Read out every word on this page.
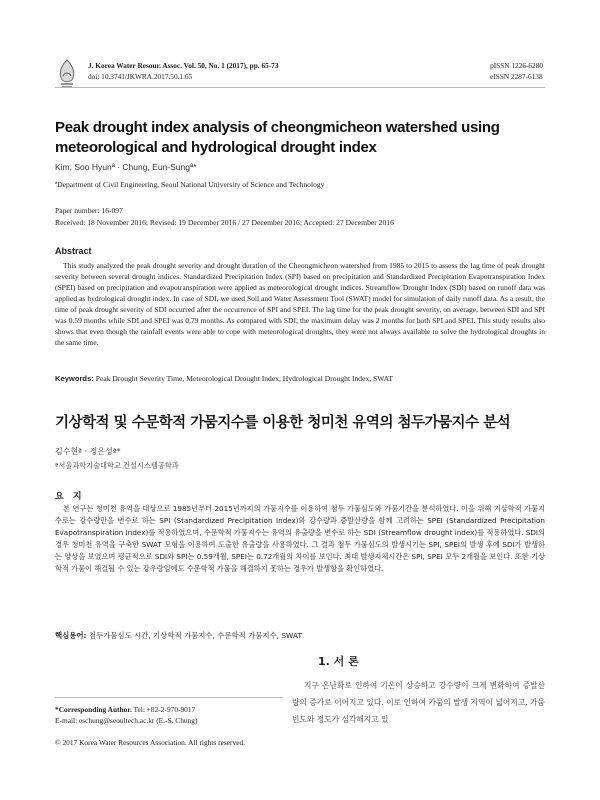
J. Korea Water Resour. Assoc. Vol. 50, No. 1 (2017), pp. 65-73
doi: 10.3741/JKWRA.2017.50.1.65
pISSN 1226-6280
eISSN 2287-6138
Peak drought index analysis of cheongmicheon watershed using meteorological and hydrological drought index
Kim, Soo Hyunª · Chung, Eun-Sungª*
ªDepartment of Civil Engineering, Seoul National University of Science and Technology
Paper number: 16-097
Received: 18 November 2016; Revised: 19 December 2016 / 27 December 2016; Accepted: 27 December 2016
Abstract
This study analyzed the peak drought severity and drought duration of the Cheongmicheon watershed from 1985 to 2015 to assess the lag time of peak drought severity between several drought indices. Standardized Precipitation Index (SPI) based on precipitation and Standardized Precipitation Evapotranspiration Index (SPEI) based on precipitation and evapotranspiration were applied as meteorological drought indices. Streamflow Drought Index (SDI) based on runoff data was applied as hydrological drought index. In case of SDI, we used Soil and Water Assessment Tool (SWAT) model for simulation of daily runoff data. As a result, the time of peak drought severity of SDI occurred after the occurrence of SPI and SPEI. The lag time for the peak drought severity, on average, between SDI and SPI was 0.59 months while SDI and SPEI was 0.79 months. As compared with SDI, the maximum delay was 2 months for both SPI and SPEI. This study results also shows that even though the rainfall events were able to cope with meteorological droughts, they were not always available to solve the hydrological droughts in the same time.
Keywords: Peak Drought Severity Time, Meteorological Drought Index, Hydrological Drought Index, SWAT
기상학적 및 수문학적 가뭄지수를 이용한 청미천 유역의 첨두가뭄지수 분석
김수현ª · 정은성ª*
ª서울과학기술대학교 건설시스템공학과
요 지
본 연구는 청미천 유역을 대상으로 1985년부터 2015년까지의 가뭄지수를 이용하여 첨두 가뭄심도와 가뭄기간을 분석하였다. 이을 위해 기상학적 가뭄지수로는 강수량만을 변수로 하는 SPI (Standardized Precipitation Index)와 강수량과 증발산량을 함께 고려하는 SPEI (Standardized Precipitation Evapotranspiration Index)를 적용하였으며, 수문학적 가뭄지수는 유역의 유출량을 변수로 하는 SDI (Streamflow drought index)를 적용하였다. SDI의 경우 청미천 유역을 구축한 SWAT 모형을 이용하여 도출한 유출량을 사용하였다. 그 결과 첨두 가뭄심도의 발생시기는 SPI, SPEI의 발생 후에 SDI가 발생하는 양상을 보였으며 평균적으로 SDI와 SPI는 0.59개월, SPEI는 0.72개월의 차이를 보인다. 최대 발생지체시간은 SPI, SPEI 모두 2개월을 보인다. 또한 기상학적 가뭄이 해결될 수 있는 강우량임에도 수문학적 가뭄을 해결하지 못하는 경우가 발생함을 확인하였다.
핵심용어: 첨두가뭄심도 시간, 기상학적 가뭄지수, 수문학적 가뭄지수, SWAT
1. 서 론
지구 온난화로 인하여 기온이 상승하고 강수량이 크게 변화하여 증발산량의 증가로 이어지고 있다. 이로 인하여 가뭄의 발생 지역이 넓어지고, 가뭄빈도와 정도가 심각해지고 있
*Corresponding Author. Tel: +82-2-970-9017
E-mail: eschung@seoultech.ac.kr (E.-S. Chung)
© 2017 Korea Water Resources Association. All rights reserved.
